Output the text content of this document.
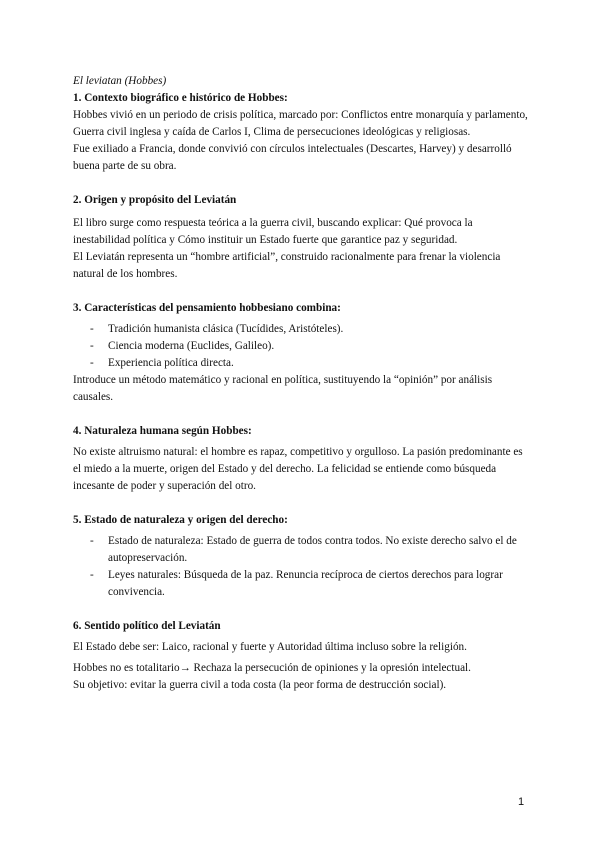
El leviatan (Hobbes)

1. Contexto biográfico e histórico de Hobbes:

Hobbes vivió en un periodo de crisis política, marcado por: Conflictos entre monarquía y parlamento, Guerra civil inglesa y caída de Carlos I, Clima de persecuciones ideológicas y religiosas.

Fue exiliado a Francia, donde convivió con círculos intelectuales (Descartes, Harvey) y desarrolló buena parte de su obra.

2. Origen y propósito del Leviatán

El libro surge como respuesta teórica a la guerra civil, buscando explicar: Qué provoca la inestabilidad política y Cómo instituir un Estado fuerte que garantice paz y seguridad.

El Leviatán representa un “hombre artificial”, construido racionalmente para frenar la violencia natural de los hombres.

3. Características del pensamiento hobbesiano combina:
- Tradición humanista clásica (Tucídides, Aristóteles).
- Ciencia moderna (Euclides, Galileo).
- Experiencia política directa.

Introduce un método matemático y racional en política, sustituyendo la “opinión” por análisis causales.

4. Naturaleza humana según Hobbes:

No existe altruismo natural: el hombre es rapaz, competitivo y orgulloso. La pasión predominante es el miedo a la muerte, origen del Estado y del derecho. La felicidad se entiende como búsqueda incesante de poder y superación del otro.

5. Estado de naturaleza y origen del derecho:
- Estado de naturaleza: Estado de guerra de todos contra todos. No existe derecho salvo el de autopreservación.
- Leyes naturales: Búsqueda de la paz. Renuncia recíproca de ciertos derechos para lograr convivencia.
6. Sentido político del Leviatán

El Estado debe ser: Laico, racional y fuerte y Autoridad última incluso sobre la religión.

Hobbes no es totalitario→ Rechaza la persecución de opiniones y la opresión intelectual.

Su objetivo: evitar la guerra civil a toda costa (la peor forma de destrucción social).

1
